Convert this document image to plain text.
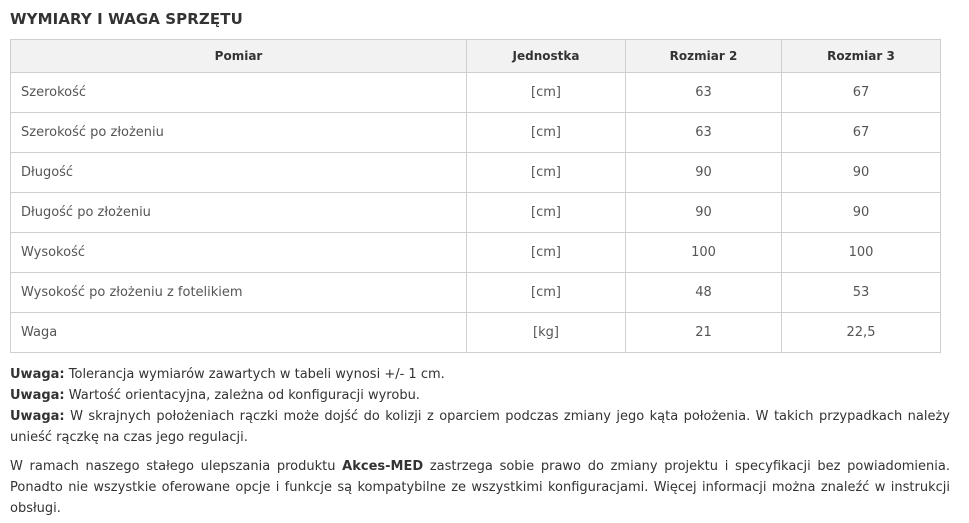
WYMIARY I WAGA SPRZĘTU
Pomiar	Jednostka	Rozmiar 2	Rozmiar 3
Szerokość	[cm]	63	67
Szerokość po złożeniu	[cm]	63	67
Długość	[cm]	90	90
Długość po złożeniu	[cm]	90	90
Wysokość	[cm]	100	100
Wysokość po złożeniu z fotelikiem	[cm]	48	53
Waga	[kg]	21	22,5

Uwaga: Tolerancja wymiarów zawartych w tabeli wynosi +/- 1 cm.

Uwaga: Wartość orientacyjna, zależna od konfiguracji wyrobu.

Uwaga: W skrajnych położeniach rączki może dojść do kolizji z oparciem podczas zmiany jego kąta położenia. W takich przypadkach należy unieść rączkę na czas jego regulacji.

W ramach naszego stałego ulepszania produktu Akces-MED zastrzega sobie prawo do zmiany projektu i specyfikacji bez powiadomienia. Ponadto nie wszystkie oferowane opcje i funkcje są kompatybilne ze wszystkimi konfiguracjami. Więcej informacji można znaleźć w instrukcji obsługi.
